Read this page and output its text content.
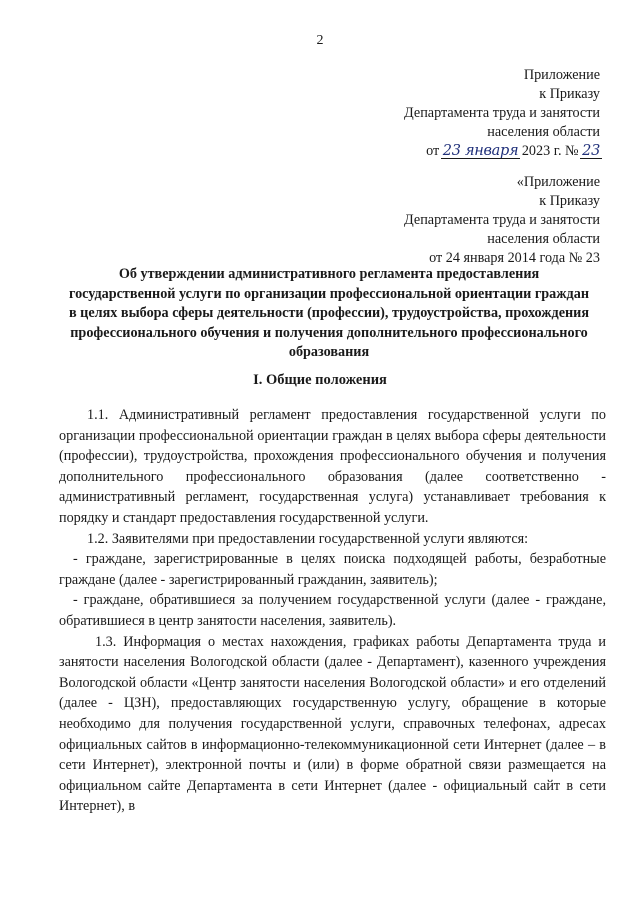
2
Приложение
к Приказу
Департамента труда и занятости
населения области
от 23 января 2023 г. № 23
«Приложение
к Приказу
Департамента труда и занятости
населения области
от 24 января 2014 года № 23
Об утверждении административного регламента предоставления государственной услуги по организации профессиональной ориентации граждан в целях выбора сферы деятельности (профессии), трудоустройства, прохождения профессионального обучения и получения дополнительного профессионального образования
I. Общие положения

1.1. Административный регламент предоставления государственной услуги по организации профессиональной ориентации граждан в целях выбора сферы деятельности (профессии), трудоустройства, прохождения профессионального обучения и получения дополнительного профессионального образования (далее соответственно - административный регламент, государственная услуга) устанавливает требования к порядку и стандарт предоставления государственной услуги.

1.2. Заявителями при предоставлении государственной услуги являются:

- граждане, зарегистрированные в целях поиска подходящей работы, безработные граждане (далее - зарегистрированный гражданин, заявитель);

- граждане, обратившиеся за получением государственной услуги (далее - граждане, обратившиеся в центр занятости населения, заявитель).

1.3. Информация о местах нахождения, графиках работы Департамента труда и занятости населения Вологодской области (далее - Департамент), казенного учреждения Вологодской области «Центр занятости населения Вологодской области» и его отделений (далее - ЦЗН), предоставляющих государственную услугу, обращение в которые необходимо для получения государственной услуги, справочных телефонах, адресах официальных сайтов в информационно-телекоммуникационной сети Интернет (далее – в сети Интернет), электронной почты и (или) в форме обратной связи размещается на официальном сайте Департамента в сети Интернет (далее - официальный сайт в сети Интернет), в
